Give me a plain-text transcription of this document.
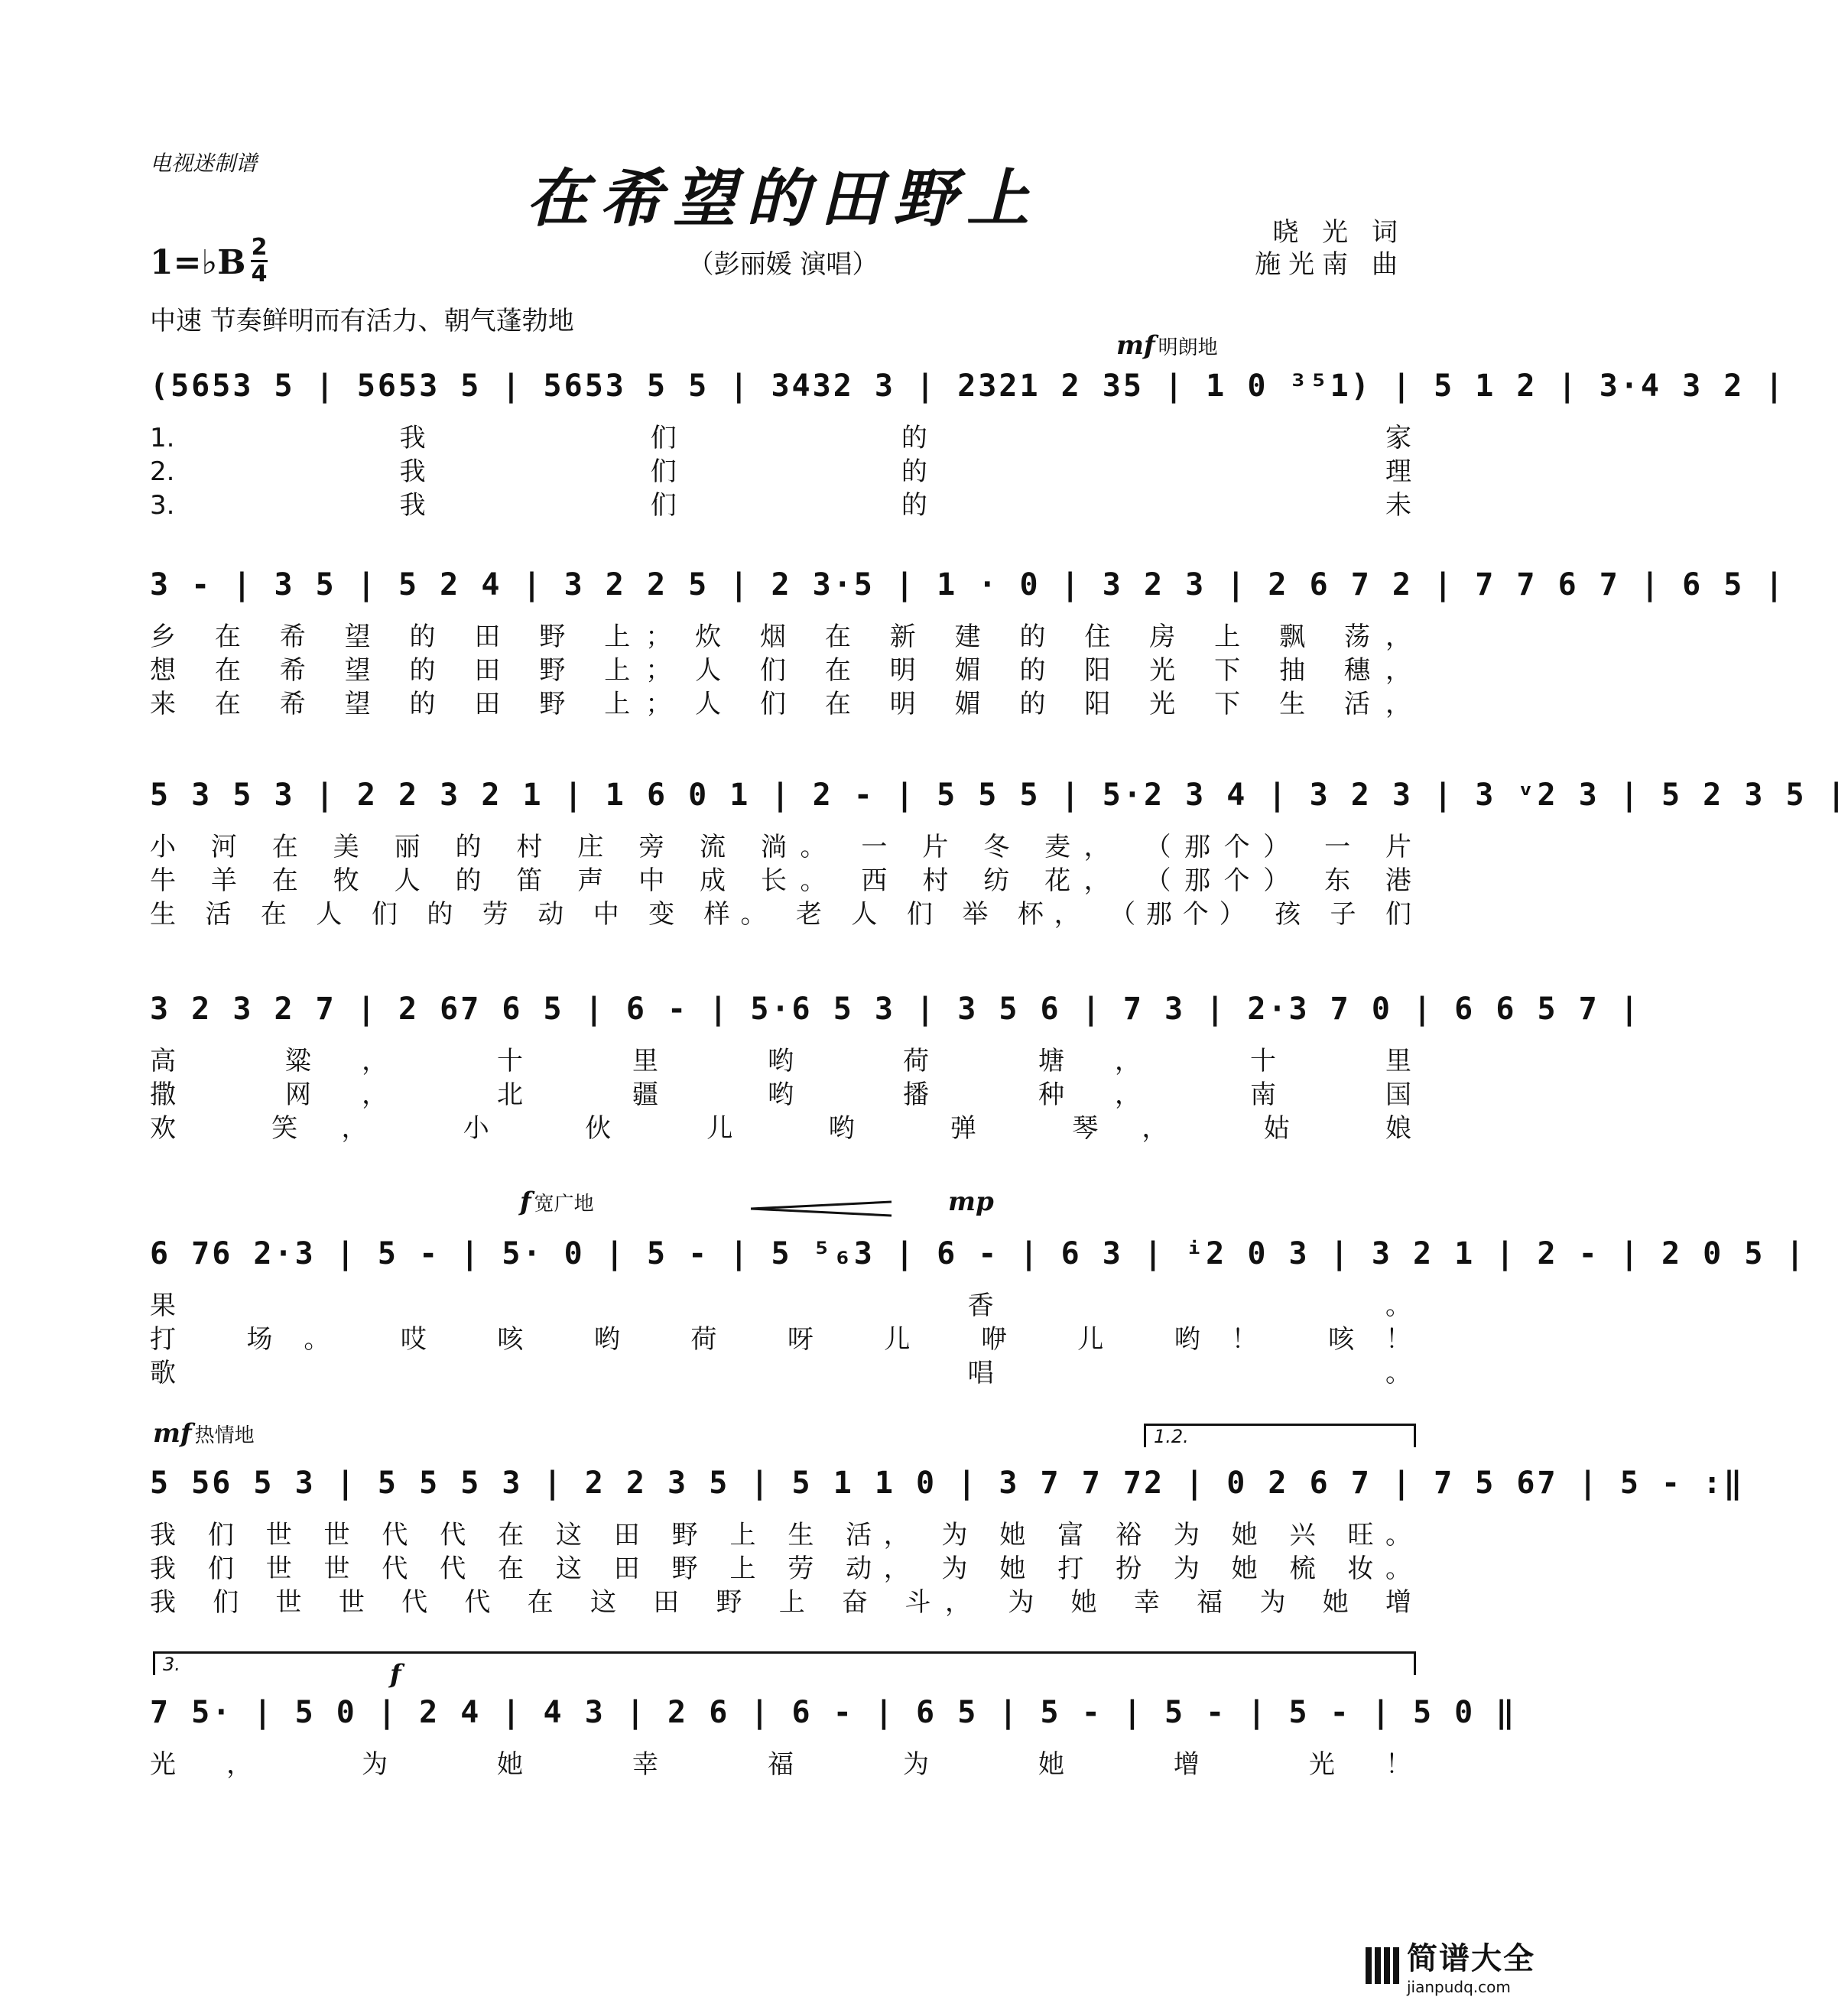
电视迷制谱	在希望的田野上	晓 光 词
施光南 曲
（彭丽媛 演唱）
1=♭B 2
4
中速 节奏鲜明而有活力、朝气蓬勃地
mf 明朗地
f 宽广地	mp
mf 热情地
f
1.2.
3.
(5653 5 | 5653 5 | 5653 5 5 | 3432 3 | 2321 2 35 | 1 0 ³⁵1) | 5 1 2 | 3·4 3 2 |
1.我们的 家
2.我们的 理
3.我们的 未
3 - | 3 5 | 5 2 4 | 3 2 2 5 | 2 3·5 | 1 · 0 | 3 2 3 | 2 6 7 2 | 7 7 6 7 | 6 5 |
乡 在 希 望 的 田 野 上； 炊 烟 在 新 建 的 住 房 上 飘 荡，
想 在 希 望 的 田 野 上； 人 们 在 明 媚 的 阳 光 下 抽 穗，
来 在 希 望 的 田 野 上； 人 们 在 明 媚 的 阳 光 下 生 活，
5 3 5 3 | 2 2 3 2 1 | 1 6 0 1 | 2 - | 5 5 5 | 5·2 3 4 | 3 2 3 | 3 ᵛ2 3 | 5 2 3 5 |
小 河 在 美 丽 的 村 庄 旁 流 淌。 一 片 冬 麦， （那个） 一 片
牛 羊 在 牧 人 的 笛 声 中 成 长。 西 村 纺 花， （那个） 东 港
生 活 在 人 们 的 劳 动 中 变 样。 老 人 们 举 杯， （那个） 孩 子 们
3 2 3 2 7 | 2 67 6 5 | 6 - | 5·6 5 3 | 3 5 6 | 7 3 | 2·3 7 0 | 6 6 5 7 |
高 粱， 十 里 哟 荷 塘， 十 里
撒 网， 北 疆 哟 播 种， 南 国
欢 笑， 小 伙 儿 哟 弹 琴， 姑 娘
6 76 2·3 | 5 - | 5· 0 | 5 - | 5 ⁵₆3 | 6 - | 6 3 | ⁱ2 0 3 | 3 2 1 | 2 - | 2 0 5 |
果 香。
打 场。 哎 咳 哟 荷 呀 儿 咿 儿 哟！ 咳！
歌 唱。
5 56 5 3 | 5 5 5 3 | 2 2 3 5 | 5 1 1 0 | 3 7 7 72 | 0 2 6 7 | 7 5 67 | 5 - :‖
我 们 世 世 代 代 在 这 田 野 上 生 活， 为 她 富 裕 为 她 兴 旺。
我 们 世 世 代 代 在 这 田 野 上 劳 动， 为 她 打 扮 为 她 梳 妆。
我 们 世 世 代 代 在 这 田 野 上 奋 斗， 为 她 幸 福 为 她 增
7 5· | 5 0 | 2 4 | 4 3 | 2 6 | 6 - | 6 5 | 5 - | 5 - | 5 - | 5 0 ‖
光， 为 她 幸 福 为 她 增 光！
简谱大全
jianpudq.com
